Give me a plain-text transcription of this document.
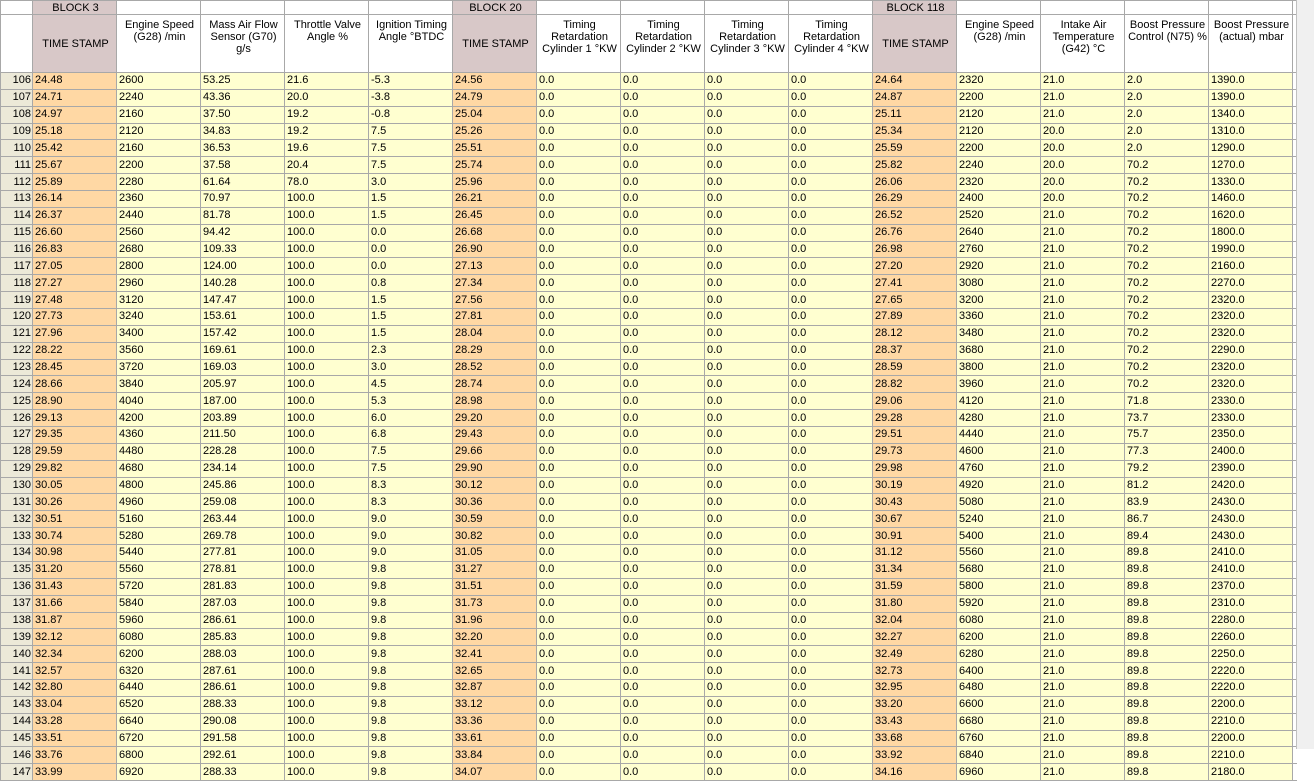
	BLOCK 3					BLOCK 20					BLOCK 118					
	TIME STAMP	Engine Speed (G28) /min	Mass Air Flow Sensor (G70) g/s	Throttle Valve Angle %	Ignition Timing Angle °BTDC	TIME STAMP	Timing Retardation Cylinder 1 °KW	Timing Retardation Cylinder 2 °KW	Timing Retardation Cylinder 3 °KW	Timing Retardation Cylinder 4 °KW	TIME STAMP	Engine Speed (G28) /min	Intake Air Temperature (G42) °C	Boost Pressure Control (N75) %	Boost Pressure (actual) mbar	
106	24.48	2600	53.25	21.6	-5.3	24.56	0.0	0.0	0.0	0.0	24.64	2320	21.0	2.0	1390.0	
107	24.71	2240	43.36	20.0	-3.8	24.79	0.0	0.0	0.0	0.0	24.87	2200	21.0	2.0	1390.0	
108	24.97	2160	37.50	19.2	-0.8	25.04	0.0	0.0	0.0	0.0	25.11	2120	21.0	2.0	1340.0	
109	25.18	2120	34.83	19.2	7.5	25.26	0.0	0.0	0.0	0.0	25.34	2120	20.0	2.0	1310.0	
110	25.42	2160	36.53	19.6	7.5	25.51	0.0	0.0	0.0	0.0	25.59	2200	20.0	2.0	1290.0	
111	25.67	2200	37.58	20.4	7.5	25.74	0.0	0.0	0.0	0.0	25.82	2240	20.0	70.2	1270.0	
112	25.89	2280	61.64	78.0	3.0	25.96	0.0	0.0	0.0	0.0	26.06	2320	20.0	70.2	1330.0	
113	26.14	2360	70.97	100.0	1.5	26.21	0.0	0.0	0.0	0.0	26.29	2400	20.0	70.2	1460.0	
114	26.37	2440	81.78	100.0	1.5	26.45	0.0	0.0	0.0	0.0	26.52	2520	21.0	70.2	1620.0	
115	26.60	2560	94.42	100.0	0.0	26.68	0.0	0.0	0.0	0.0	26.76	2640	21.0	70.2	1800.0	
116	26.83	2680	109.33	100.0	0.0	26.90	0.0	0.0	0.0	0.0	26.98	2760	21.0	70.2	1990.0	
117	27.05	2800	124.00	100.0	0.0	27.13	0.0	0.0	0.0	0.0	27.20	2920	21.0	70.2	2160.0	
118	27.27	2960	140.28	100.0	0.8	27.34	0.0	0.0	0.0	0.0	27.41	3080	21.0	70.2	2270.0	
119	27.48	3120	147.47	100.0	1.5	27.56	0.0	0.0	0.0	0.0	27.65	3200	21.0	70.2	2320.0	
120	27.73	3240	153.61	100.0	1.5	27.81	0.0	0.0	0.0	0.0	27.89	3360	21.0	70.2	2320.0	
121	27.96	3400	157.42	100.0	1.5	28.04	0.0	0.0	0.0	0.0	28.12	3480	21.0	70.2	2320.0	
122	28.22	3560	169.61	100.0	2.3	28.29	0.0	0.0	0.0	0.0	28.37	3680	21.0	70.2	2290.0	
123	28.45	3720	169.03	100.0	3.0	28.52	0.0	0.0	0.0	0.0	28.59	3800	21.0	70.2	2320.0	
124	28.66	3840	205.97	100.0	4.5	28.74	0.0	0.0	0.0	0.0	28.82	3960	21.0	70.2	2320.0	
125	28.90	4040	187.00	100.0	5.3	28.98	0.0	0.0	0.0	0.0	29.06	4120	21.0	71.8	2330.0	
126	29.13	4200	203.89	100.0	6.0	29.20	0.0	0.0	0.0	0.0	29.28	4280	21.0	73.7	2330.0	
127	29.35	4360	211.50	100.0	6.8	29.43	0.0	0.0	0.0	0.0	29.51	4440	21.0	75.7	2350.0	
128	29.59	4480	228.28	100.0	7.5	29.66	0.0	0.0	0.0	0.0	29.73	4600	21.0	77.3	2400.0	
129	29.82	4680	234.14	100.0	7.5	29.90	0.0	0.0	0.0	0.0	29.98	4760	21.0	79.2	2390.0	
130	30.05	4800	245.86	100.0	8.3	30.12	0.0	0.0	0.0	0.0	30.19	4920	21.0	81.2	2420.0	
131	30.26	4960	259.08	100.0	8.3	30.36	0.0	0.0	0.0	0.0	30.43	5080	21.0	83.9	2430.0	
132	30.51	5160	263.44	100.0	9.0	30.59	0.0	0.0	0.0	0.0	30.67	5240	21.0	86.7	2430.0	
133	30.74	5280	269.78	100.0	9.0	30.82	0.0	0.0	0.0	0.0	30.91	5400	21.0	89.4	2430.0	
134	30.98	5440	277.81	100.0	9.0	31.05	0.0	0.0	0.0	0.0	31.12	5560	21.0	89.8	2410.0	
135	31.20	5560	278.81	100.0	9.8	31.27	0.0	0.0	0.0	0.0	31.34	5680	21.0	89.8	2410.0	
136	31.43	5720	281.83	100.0	9.8	31.51	0.0	0.0	0.0	0.0	31.59	5800	21.0	89.8	2370.0	
137	31.66	5840	287.03	100.0	9.8	31.73	0.0	0.0	0.0	0.0	31.80	5920	21.0	89.8	2310.0	
138	31.87	5960	286.61	100.0	9.8	31.96	0.0	0.0	0.0	0.0	32.04	6080	21.0	89.8	2280.0	
139	32.12	6080	285.83	100.0	9.8	32.20	0.0	0.0	0.0	0.0	32.27	6200	21.0	89.8	2260.0	
140	32.34	6200	288.03	100.0	9.8	32.41	0.0	0.0	0.0	0.0	32.49	6280	21.0	89.8	2250.0	
141	32.57	6320	287.61	100.0	9.8	32.65	0.0	0.0	0.0	0.0	32.73	6400	21.0	89.8	2220.0	
142	32.80	6440	286.61	100.0	9.8	32.87	0.0	0.0	0.0	0.0	32.95	6480	21.0	89.8	2220.0	
143	33.04	6520	288.33	100.0	9.8	33.12	0.0	0.0	0.0	0.0	33.20	6600	21.0	89.8	2200.0	
144	33.28	6640	290.08	100.0	9.8	33.36	0.0	0.0	0.0	0.0	33.43	6680	21.0	89.8	2210.0	
145	33.51	6720	291.58	100.0	9.8	33.61	0.0	0.0	0.0	0.0	33.68	6760	21.0	89.8	2200.0	
146	33.76	6800	292.61	100.0	9.8	33.84	0.0	0.0	0.0	0.0	33.92	6840	21.0	89.8	2210.0	
147	33.99	6920	288.33	100.0	9.8	34.07	0.0	0.0	0.0	0.0	34.16	6960	21.0	89.8	2180.0	
